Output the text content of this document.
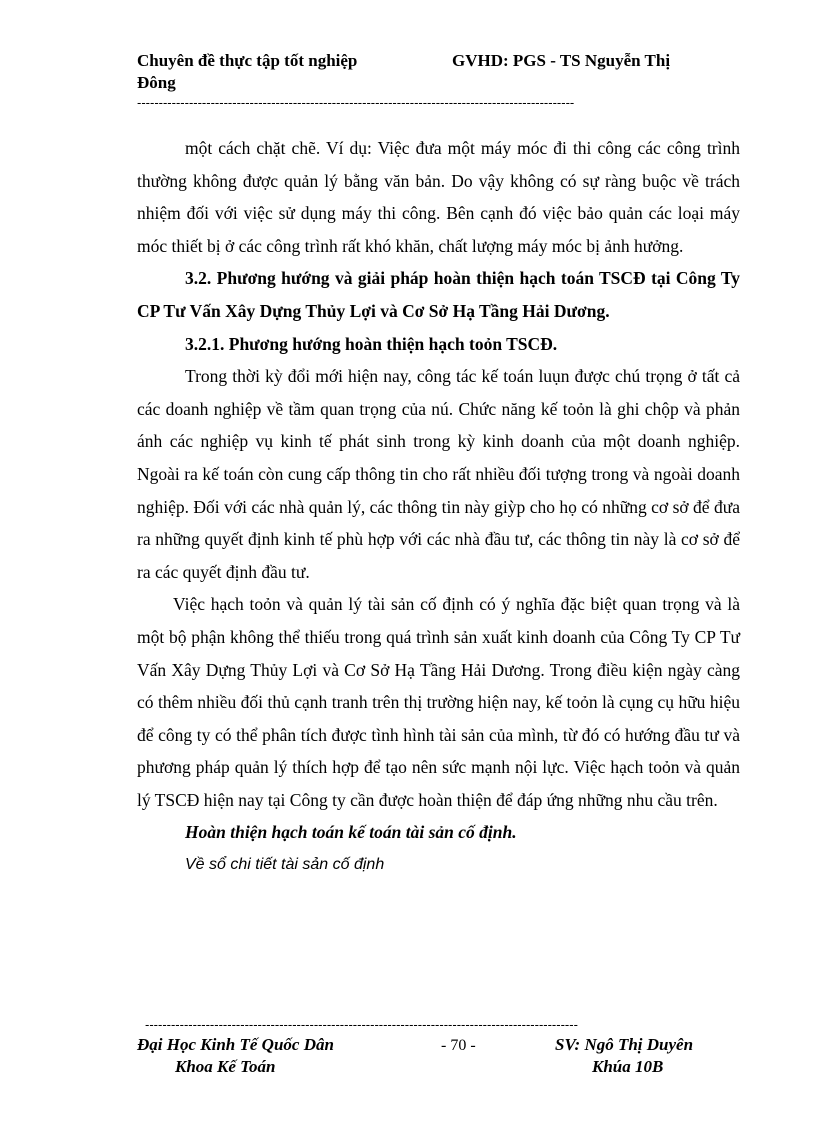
Chuyên đề thực tập tốt nghiệp	GVHD: PGS - TS Nguyễn Thị
Đông
-----------------------------------------------------------------------------------------------------

một cách chặt chẽ. Ví dụ: Việc đưa một máy móc đi thi công các công trình thường không được quản lý bằng văn bản. Do vậy không có sự ràng buộc về trách nhiệm đối với việc sử dụng máy thi công. Bên cạnh đó việc bảo quản các loại máy móc thiết bị ở các công trình rất khó khăn, chất lượng máy móc bị ảnh hưởng.

3.2. Phương hướng và giải pháp hoàn thiện hạch toán TSCĐ tại Công Ty CP Tư Vấn Xây Dựng Thủy Lợi và Cơ Sở Hạ Tầng Hải Dương.

3.2.1. Phương hướng hoàn thiện hạch toỏn TSCĐ.

Trong thời kỳ đổi mới hiện nay, công tác kế toán luụn được chú trọng ở tất cả các doanh nghiệp về tầm quan trọng của nú. Chức năng kế toỏn là ghi chộp và phản ánh các nghiệp vụ kinh tế phát sinh trong kỳ kinh doanh của một doanh nghiệp. Ngoài ra kế toán còn cung cấp thông tin cho rất nhiều đối tượng trong và ngoài doanh nghiệp. Đối với các nhà quản lý, các thông tin này giỳp cho họ có những cơ sở để đưa ra những quyết định kinh tế phù hợp với các nhà đầu tư, các thông tin này là cơ sở để ra các quyết định đầu tư.

Việc hạch toỏn và quản lý tài sản cố định có ý nghĩa đặc biệt quan trọng và là một bộ phận không thể thiếu trong quá trình sản xuất kinh doanh của Công Ty CP Tư Vấn Xây Dựng Thủy Lợi và Cơ Sở Hạ Tầng Hải Dương. Trong điều kiện ngày càng có thêm nhiều đối thủ cạnh tranh trên thị trường hiện nay, kế toỏn là cụng cụ hữu hiệu để công ty có thể phân tích được tình hình tài sản của mình, từ đó có hướng đầu tư và phương pháp quản lý thích hợp để tạo nên sức mạnh nội lực. Việc hạch toỏn và quản lý TSCĐ hiện nay tại Công ty cần được hoàn thiện để đáp ứng những nhu cầu trên.

Hoàn thiện hạch toán kế toán tài sản cố định.

Về sổ chi tiết tài sản cố định

----------------------------------------------------------------------------------------------------
Đại Học Kinh Tế Quốc Dân
Khoa Kế Toán
- 70 -	SV: Ngô Thị Duyên
Khúa 10B
